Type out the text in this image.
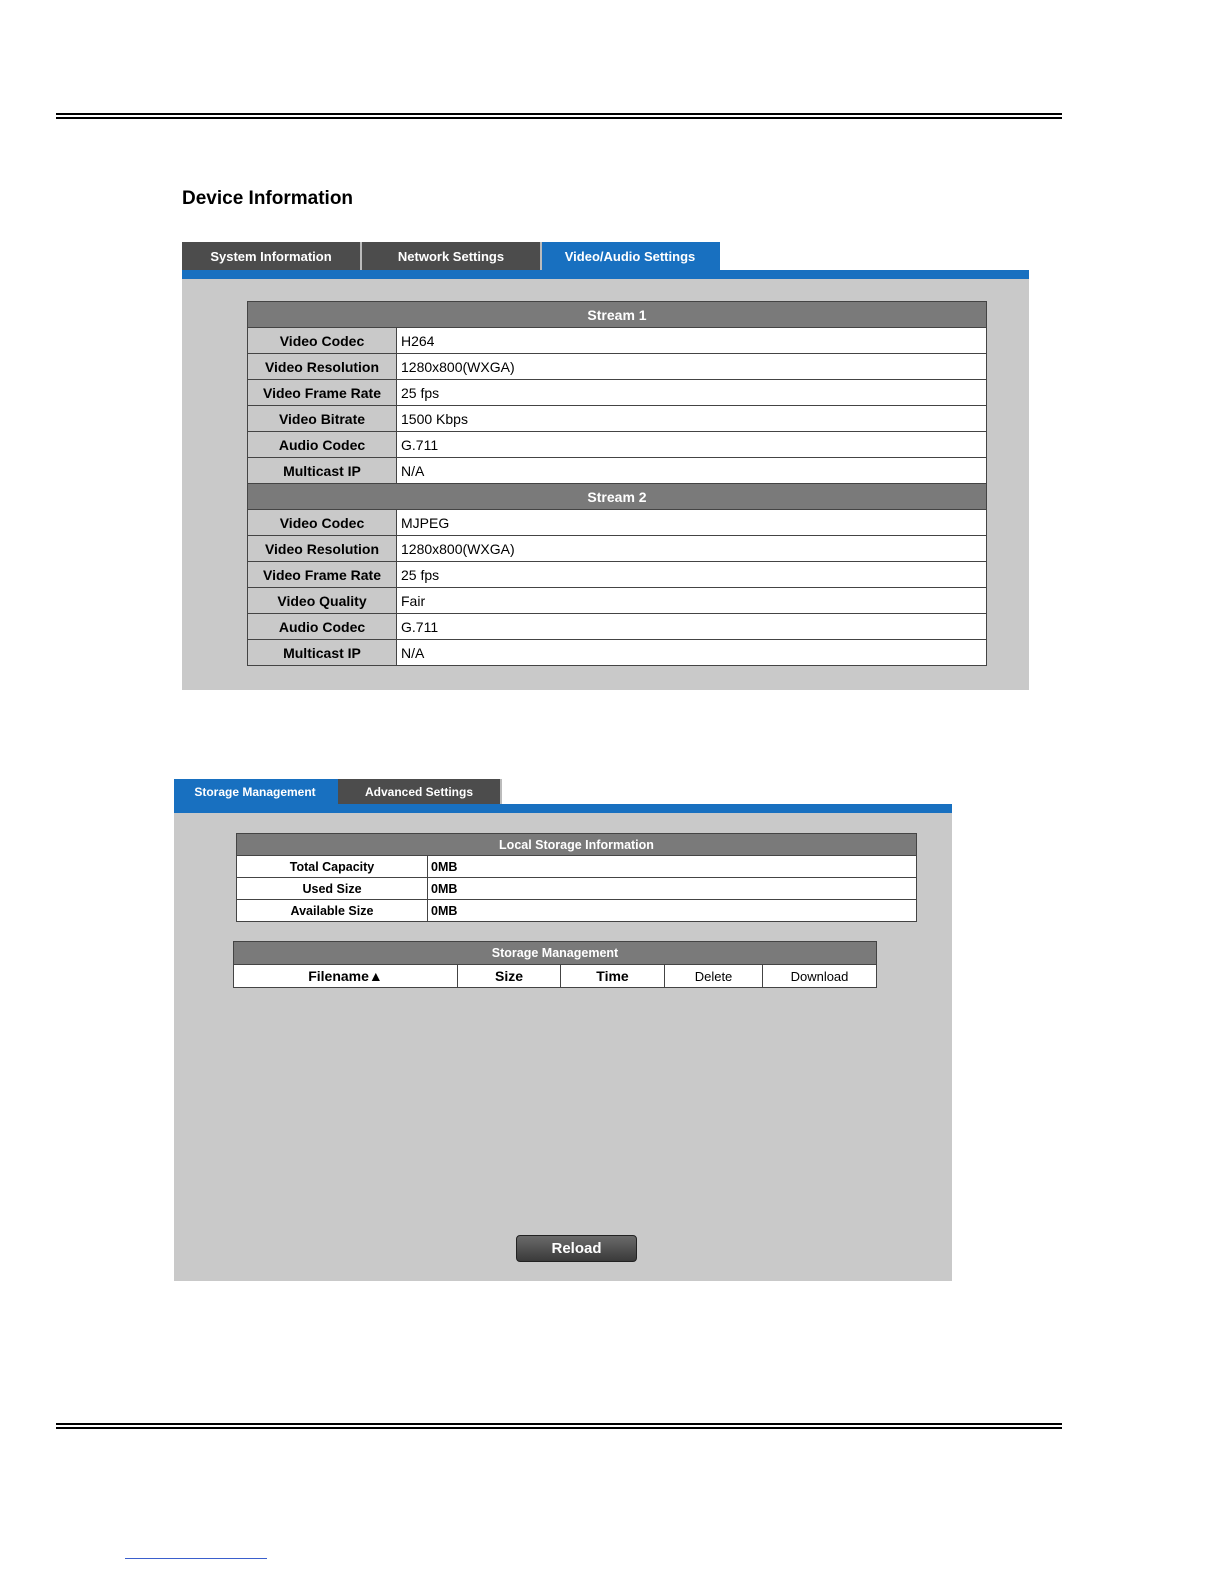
Device Information
System Information	Network Settings	Video/Audio Settings
Stream 1	
Video Codec	H264
Video Resolution	1280x800(WXGA)
Video Frame Rate	25 fps
Video Bitrate	1500 Kbps
Audio Codec	G.711
Multicast IP	N/A
Stream 2	
Video Codec	MJPEG
Video Resolution	1280x800(WXGA)
Video Frame Rate	25 fps
Video Quality	Fair
Audio Codec	G.711
Multicast IP	N/A
Storage Management	Advanced Settings
Local Storage Information	
Total Capacity	0MB
Used Size	0MB
Available Size	0MB
Storage Management
Filename▲	Size	Time	Delete	Download
Reload
